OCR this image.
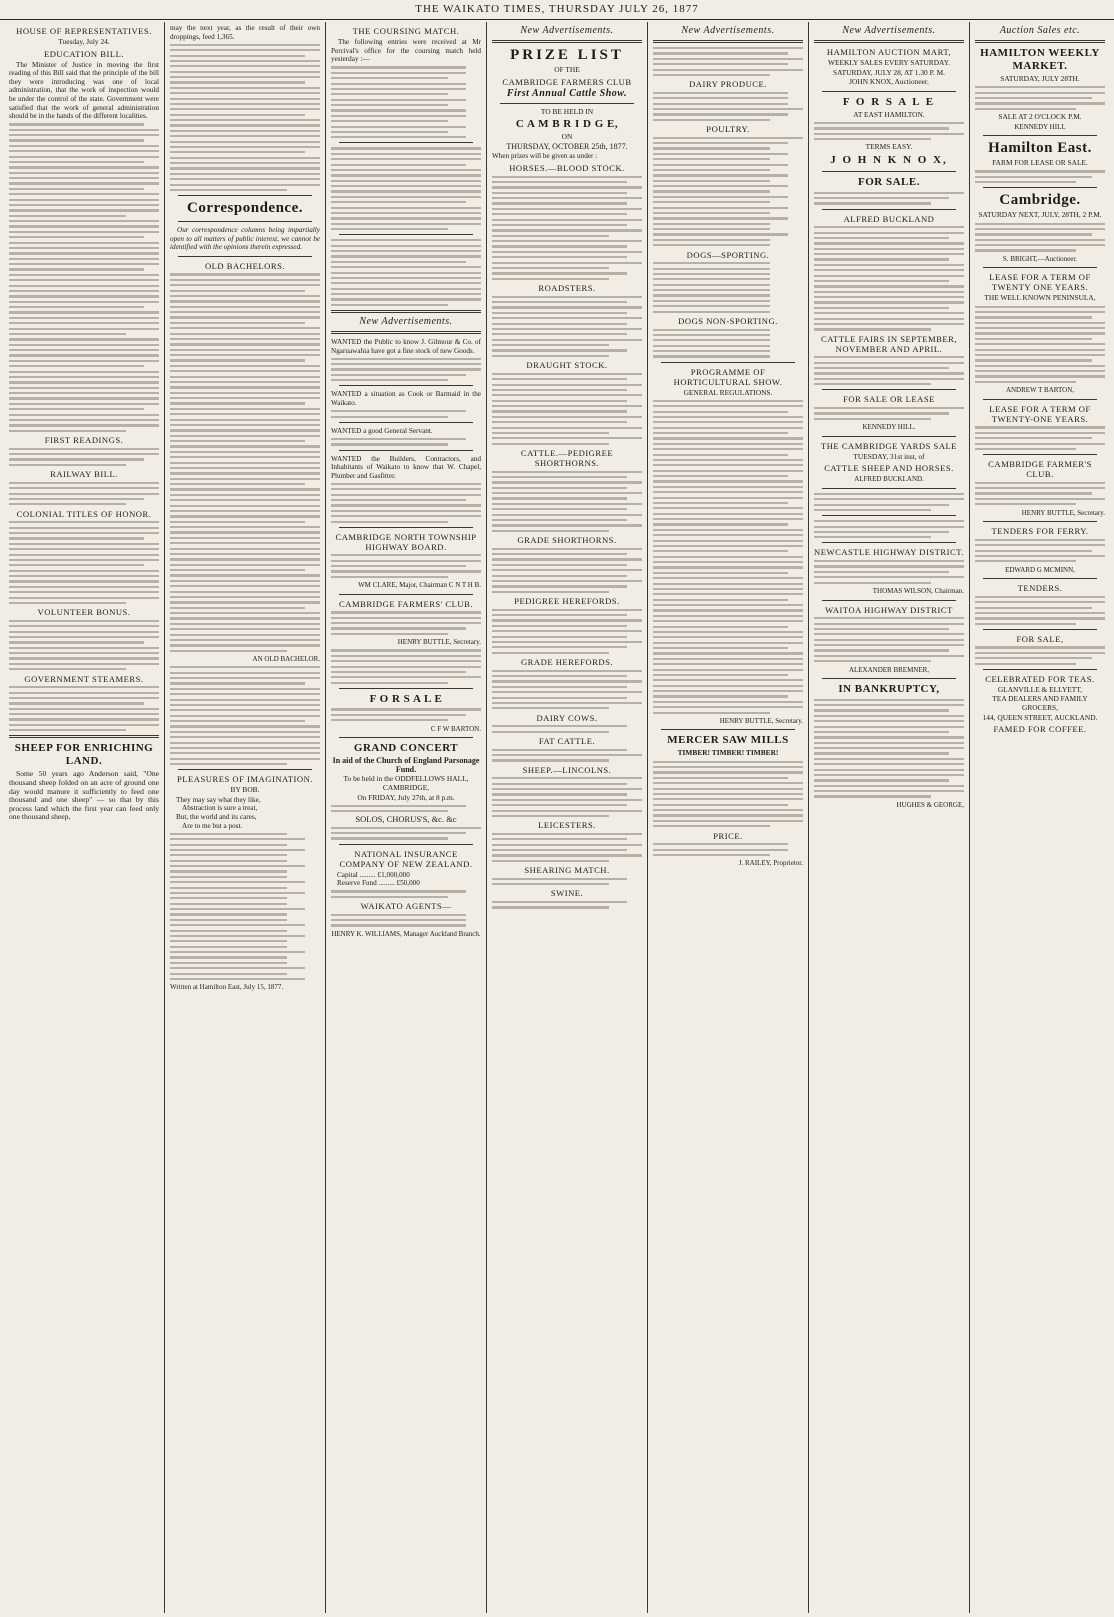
THE WAIKATO TIMES, THURSDAY JULY 26, 1877
HOUSE OF REPRESENTATIVES.
Tuesday, July 24.
EDUCATION BILL.

The Minister of Justice in moving the first reading of this Bill said that the principle of the bill they were introducing was one of local administration, that the work of inspection would be under the control of the state. Government were satisfied that the work of general administration should be in the hands of the different localities.

FIRST READINGS.
RAILWAY BILL.
COLONIAL TITLES OF HONOR.
VOLUNTEER BONUS.
GOVERNMENT STEAMERS.
SHEEP FOR ENRICHING LAND.

Some 50 years ago Anderson said, "One thousand sheep folded on an acre of ground one day would manure it sufficiently to feed one thousand and one sheep" — so that by this process land which the first year can feed only one thousand sheep,

may the next year, as the result of their own droppings, feed 1,365.

Correspondence.

Our correspondence columns being impartially open to all matters of public interest, we cannot be identified with the opinions therein expressed.

OLD BACHELORS.
AN OLD BACHELOR.
PLEASURES OF IMAGINATION.
BY BOB.
They may say what they like,
Abstraction is sure a treat,
But, the world and its cares,
Are to me but a post.
Written at Hamilton East, July 15, 1877.
THE COURSING MATCH.

The following entries were received at Mr Percival's office for the coursing match held yesterday :—

New Advertisements.

WANTED the Public to know J. Gilmour & Co. of Ngaruawahia have got a fine stock of new Goods.

WANTED a situation as Cook or Barmaid in the Waikato.

WANTED a good General Servant.

WANTED the Builders, Contractors, and Inhabitants of Waikato to know that W. Chapel, Plumber and Gasfitter.

CAMBRIDGE NORTH TOWNSHIP HIGHWAY BOARD.
WM CLARE, Major, Chairman C N T H B.
CAMBRIDGE FARMERS' CLUB.
HENRY BUTTLE, Secretary.
F O R S A L E
C F W BARTON.
GRAND CONCERT
In aid of the Church of England Parsonage Fund.
To be held in the ODDFELLOWS HALL, CAMBRIDGE,
On FRIDAY, July 27th, at 8 p.m.
SOLOS, CHORUS'S, &c. &c
NATIONAL INSURANCE COMPANY OF NEW ZEALAND.
Capital ......... £1,000,000
Reserve Fund ......... £50,000
WAIKATO AGENTS—
HENRY K. WILLIAMS, Manager Auckland Branch.
New Advertisements.
PRIZE LIST
OF THE
CAMBRIDGE FARMERS CLUB
First Annual Cattle Show.
TO BE HELD IN
C A M B R I D G E,
ON
THURSDAY, OCTOBER 25th, 1877.

When prizes will be given as under :

HORSES.—BLOOD STOCK.
ROADSTERS.
DRAUGHT STOCK.
CATTLE.—PEDIGREE SHORTHORNS.
GRADE SHORTHORNS.
PEDIGREE HEREFORDS.
GRADE HEREFORDS.
DAIRY COWS.
FAT CATTLE.
SHEEP.—LINCOLNS.
LEICESTERS.
SHEARING MATCH.
SWINE.
New Advertisements.
DAIRY PRODUCE.
POULTRY.
DOGS—SPORTING.
DOGS NON-SPORTING.
PROGRAMME OF HORTICULTURAL SHOW.
GENERAL REGULATIONS.
HENRY BUTTLE, Secretary.
MERCER SAW MILLS
TIMBER! TIMBER! TIMBER!
PRICE.
J. RAILEY, Proprietor.
New Advertisements.
HAMILTON AUCTION MART,
WEEKLY SALES EVERY SATURDAY.
SATURDAY, JULY 28, AT 1.30 P. M.
JOHN KNOX, Auctioneer.
F O R S A L E
AT EAST HAMILTON.
TERMS EASY.
J O H N K N O X,
FOR SALE.
ALFRED BUCKLAND
CATTLE FAIRS IN SEPTEMBER, NOVEMBER AND APRIL.
FOR SALE OR LEASE
KENNEDY HILL.
THE CAMBRIDGE YARDS SALE
TUESDAY, 31st inst, of
CATTLE SHEEP AND HORSES.
ALFRED BUCKLAND.
NEWCASTLE HIGHWAY DISTRICT.
THOMAS WILSON, Chairman.
WAITOA HIGHWAY DISTRICT
ALEXANDER BREMNER,
IN BANKRUPTCY,
HUGHES & GEORGE,
Auction Sales etc.
HAMILTON WEEKLY MARKET.
SATURDAY, JULY 28TH.
SALE AT 2 O'CLOCK P.M.
KENNEDY HILL
Hamilton East.
FARM FOR LEASE OR SALE.
Cambridge.
SATURDAY NEXT, JULY, 28TH, 2 P.M.
S. BRIGHT,—Auctioneer.
LEASE FOR A TERM OF TWENTY ONE YEARS.
THE WELL KNOWN PENINSULA,
ANDREW T BARTON,
LEASE FOR A TERM OF TWENTY-ONE YEARS.
CAMBRIDGE FARMER'S CLUB.
HENRY BUTTLE, Secretary.
TENDERS FOR FERRY.
EDWARD G MCMINN,
TENDERS.
FOR SALE,
CELEBRATED FOR TEAS.
GLANVILLE & ELLYETT,
TEA DEALERS AND FAMILY GROCERS,
144, QUEEN STREET, AUCKLAND.
FAMED FOR COFFEE.
